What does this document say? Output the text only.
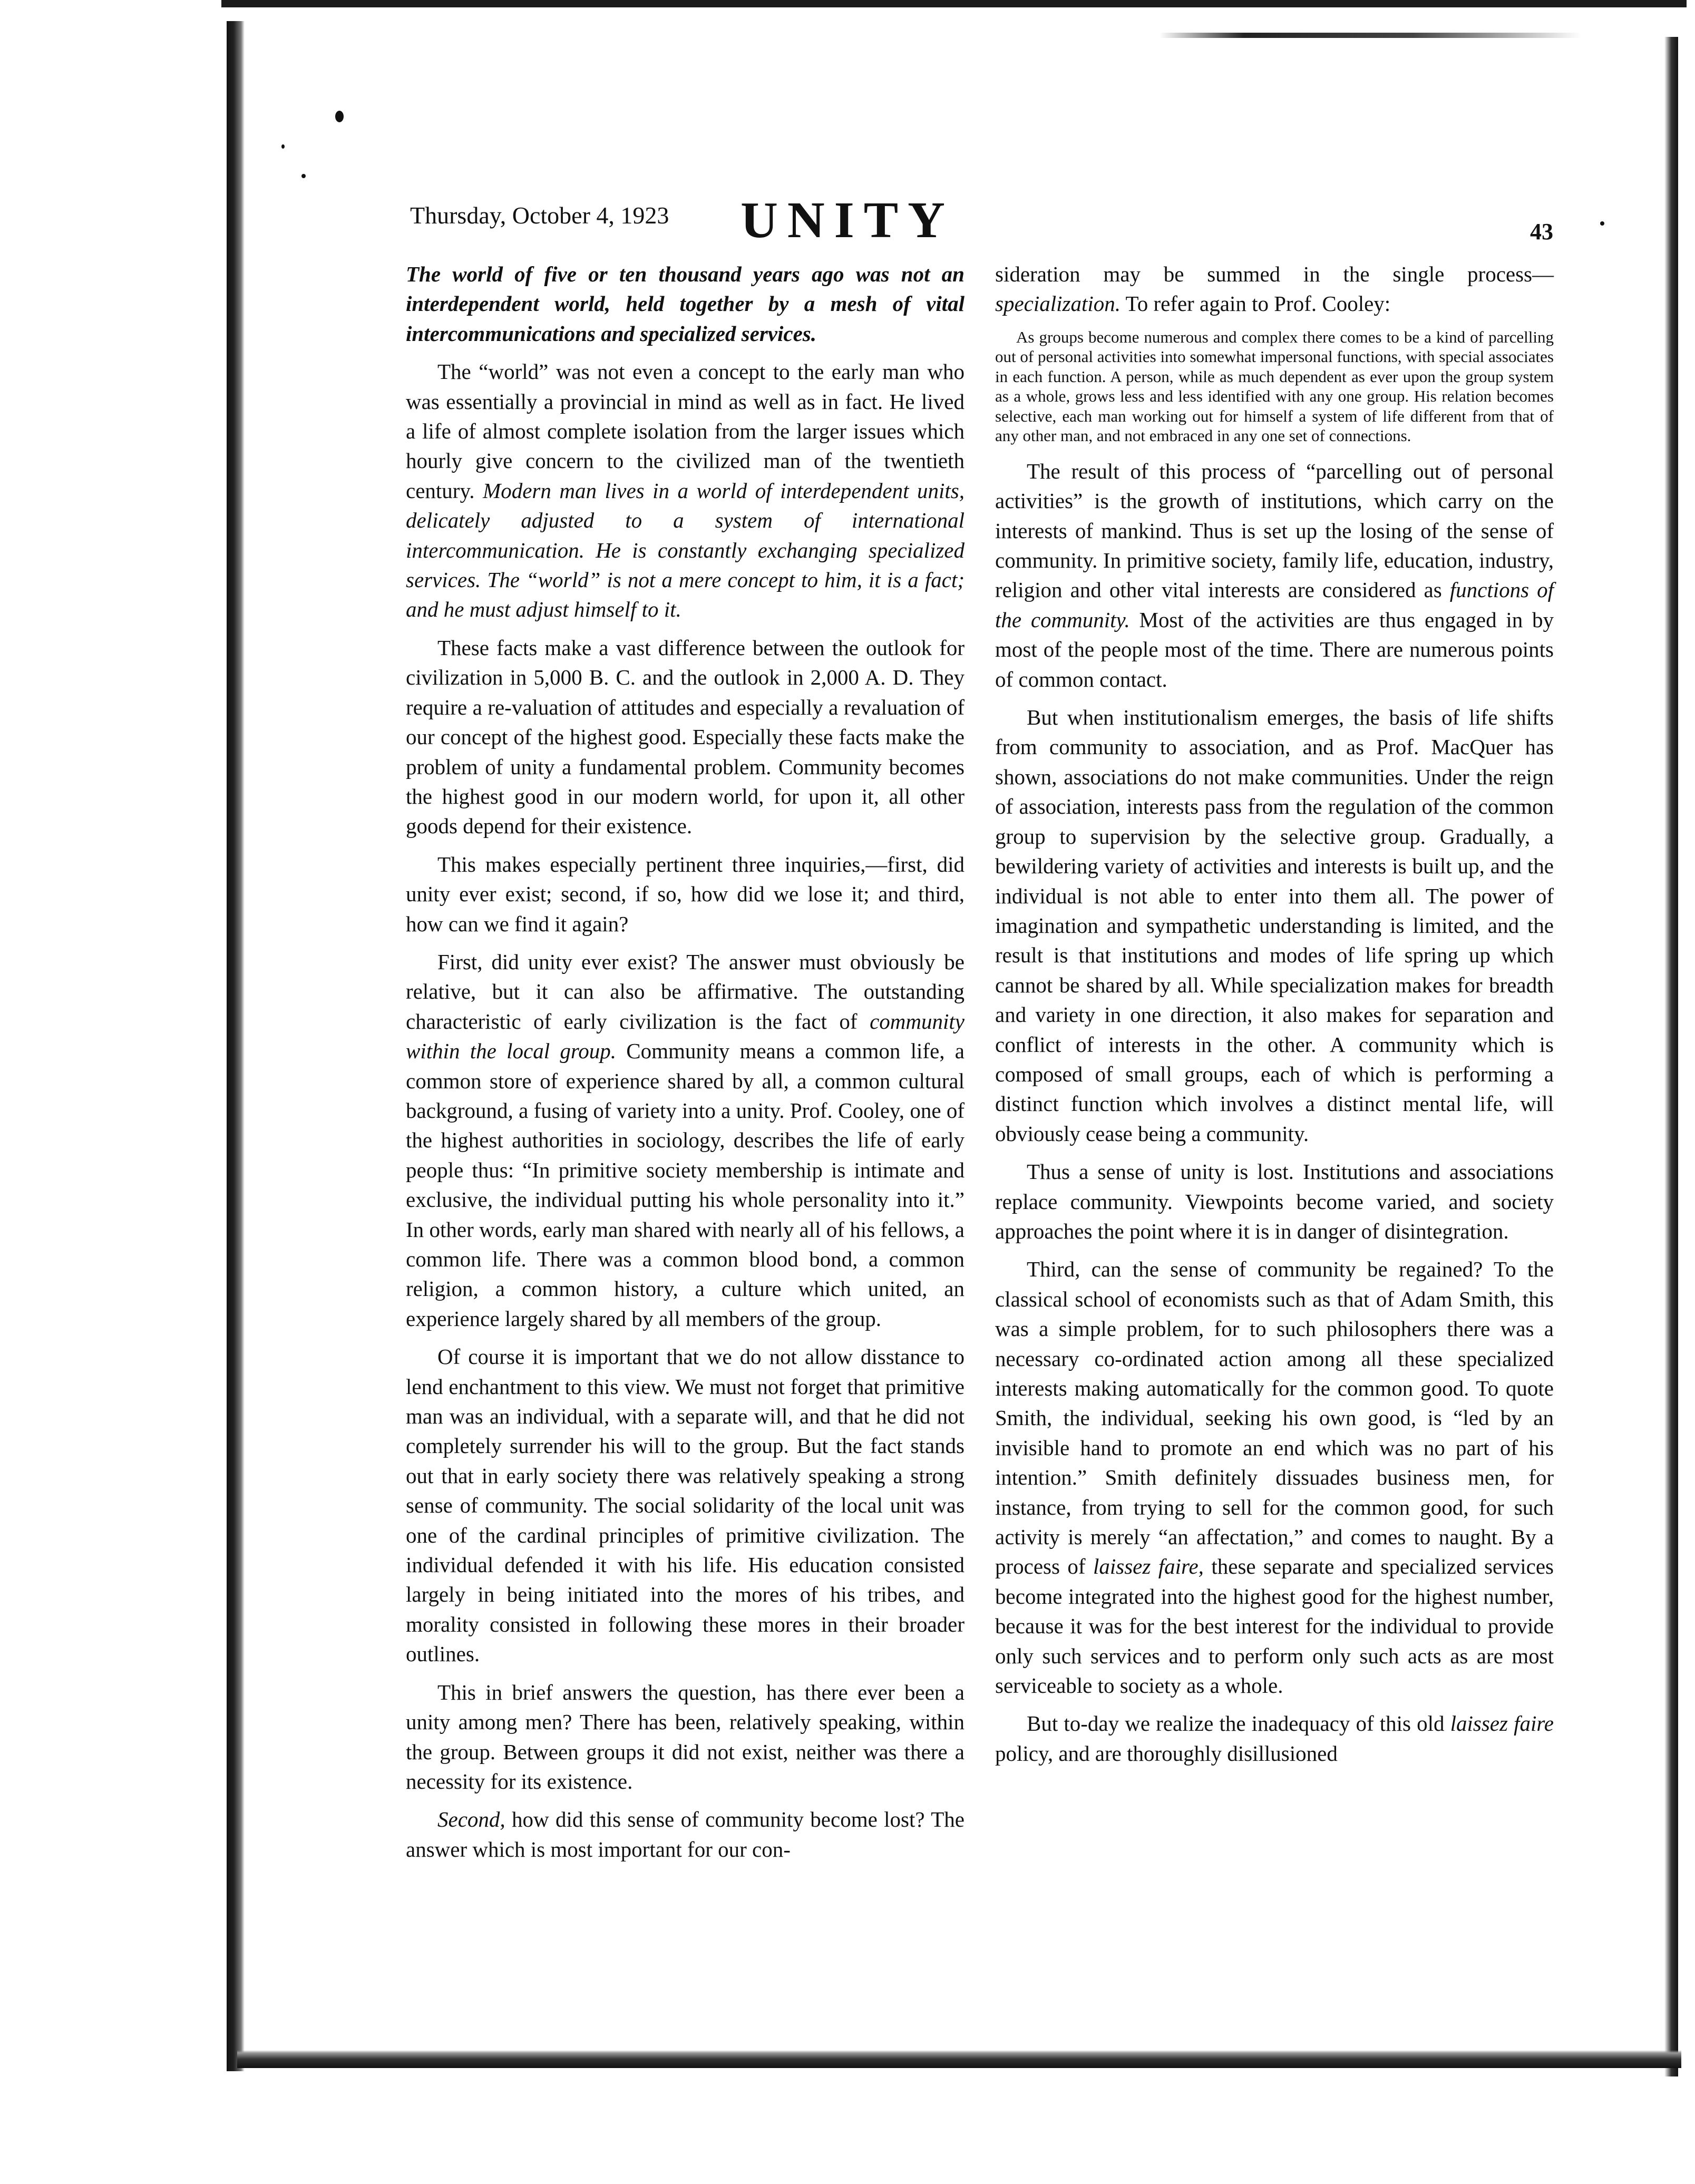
Thursday, October 4, 1923	UNITY	43

The world of five or ten thousand years ago was not an interdependent world, held together by a mesh of vital intercommunications and specialized services.

The “world” was not even a concept to the early man who was essentially a provincial in mind as well as in fact. He lived a life of almost complete isolation from the larger issues which hourly give concern to the civilized man of the twentieth century. Modern man lives in a world of interdependent units, delicately adjusted to a system of international intercommunication. He is constantly exchanging specialized services. The “world” is not a mere concept to him, it is a fact; and he must adjust himself to it.

These facts make a vast difference between the outlook for civilization in 5,000 B. C. and the outlook in 2,000 A. D. They require a re-valuation of attitudes and especially a revaluation of our concept of the highest good. Especially these facts make the problem of unity a fundamental problem. Community becomes the highest good in our modern world, for upon it, all other goods depend for their existence.

This makes especially pertinent three inquiries,—first, did unity ever exist; second, if so, how did we lose it; and third, how can we find it again?

First, did unity ever exist? The answer must obviously be relative, but it can also be affirmative. The outstanding characteristic of early civilization is the fact of community within the local group. Community means a common life, a common store of experience shared by all, a common cultural background, a fusing of variety into a unity. Prof. Cooley, one of the highest authorities in sociology, describes the life of early people thus: “In primitive society membership is intimate and exclusive, the individual putting his whole personality into it.” In other words, early man shared with nearly all of his fellows, a common life. There was a common blood bond, a common religion, a common history, a culture which united, an experience largely shared by all members of the group.

Of course it is important that we do not allow disstance to lend enchantment to this view. We must not forget that primitive man was an individual, with a separate will, and that he did not completely surrender his will to the group. But the fact stands out that in early society there was relatively speaking a strong sense of community. The social solidarity of the local unit was one of the cardinal principles of primitive civilization. The individual defended it with his life. His education consisted largely in being initiated into the mores of his tribes, and morality consisted in following these mores in their broader outlines.

This in brief answers the question, has there ever been a unity among men? There has been, relatively speaking, within the group. Between groups it did not exist, neither was there a necessity for its existence.

Second, how did this sense of community become lost? The answer which is most important for our con-

sideration may be summed in the single process—specialization. To refer again to Prof. Cooley:

As groups become numerous and complex there comes to be a kind of parcelling out of personal activities into somewhat impersonal functions, with special associates in each function. A person, while as much dependent as ever upon the group system as a whole, grows less and less identified with any one group. His relation becomes selective, each man working out for himself a system of life different from that of any other man, and not embraced in any one set of connections.

The result of this process of “parcelling out of personal activities” is the growth of institutions, which carry on the interests of mankind. Thus is set up the losing of the sense of community. In primitive society, family life, education, industry, religion and other vital interests are considered as functions of the community. Most of the activities are thus engaged in by most of the people most of the time. There are numerous points of common contact.

But when institutionalism emerges, the basis of life shifts from community to association, and as Prof. MacQuer has shown, associations do not make communities. Under the reign of association, interests pass from the regulation of the common group to supervision by the selective group. Gradually, a bewildering variety of activities and interests is built up, and the individual is not able to enter into them all. The power of imagination and sympathetic understanding is limited, and the result is that institutions and modes of life spring up which cannot be shared by all. While specialization makes for breadth and variety in one direction, it also makes for separation and conflict of interests in the other. A community which is composed of small groups, each of which is performing a distinct function which involves a distinct mental life, will obviously cease being a community.

Thus a sense of unity is lost. Institutions and associations replace community. Viewpoints become varied, and society approaches the point where it is in danger of disintegration.

Third, can the sense of community be regained? To the classical school of economists such as that of Adam Smith, this was a simple problem, for to such philosophers there was a necessary co-ordinated action among all these specialized interests making automatically for the common good. To quote Smith, the individual, seeking his own good, is “led by an invisible hand to promote an end which was no part of his intention.” Smith definitely dissuades business men, for instance, from trying to sell for the common good, for such activity is merely “an affectation,” and comes to naught. By a process of laissez faire, these separate and specialized services become integrated into the highest good for the highest number, because it was for the best interest for the individual to provide only such services and to perform only such acts as are most serviceable to society as a whole.

But to-day we realize the inadequacy of this old laissez faire policy, and are thoroughly disillusioned
